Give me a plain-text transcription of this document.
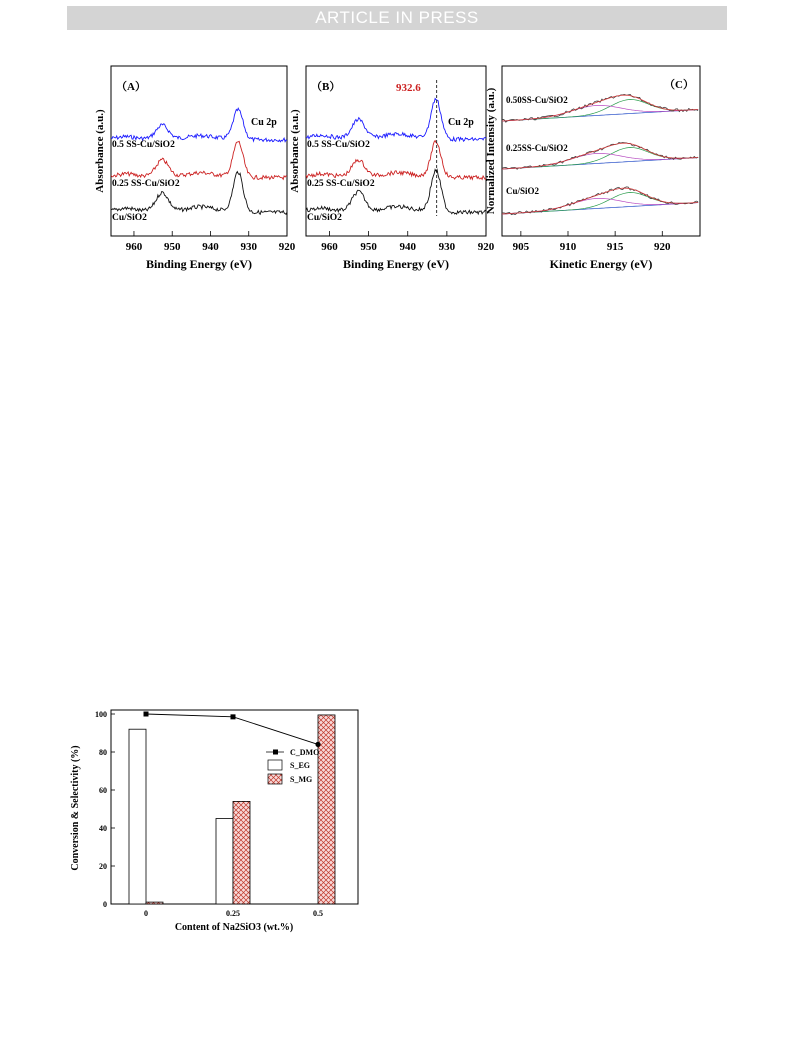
ARTICLE IN PRESS
（A）
Cu 2p
0.5 SS-Cu/SiO2
0.25 SS-Cu/SiO2
Cu/SiO2
960 950 940 930 920
Absorbance (a.u.)
Binding Energy (eV)
（B）	932.6
Cu 2p
0.5 SS-Cu/SiO2
0.25 SS-Cu/SiO2
Cu/SiO2
960 950 940 930 920
Absorbance (a.u.)
Binding Energy (eV)
（C）
0.50SS-Cu/SiO2
0.25SS-Cu/SiO2
Cu/SiO2
905	910	915	920
Normalized Intensity (a.u.)
Kinetic Energy (eV)
0
20
40
60
80
100
0	0.25	0.5
C_DMO
S_EG
S_MG
Conversion & Selectivity (%)
Content of Na2SiO3 (wt.%)
